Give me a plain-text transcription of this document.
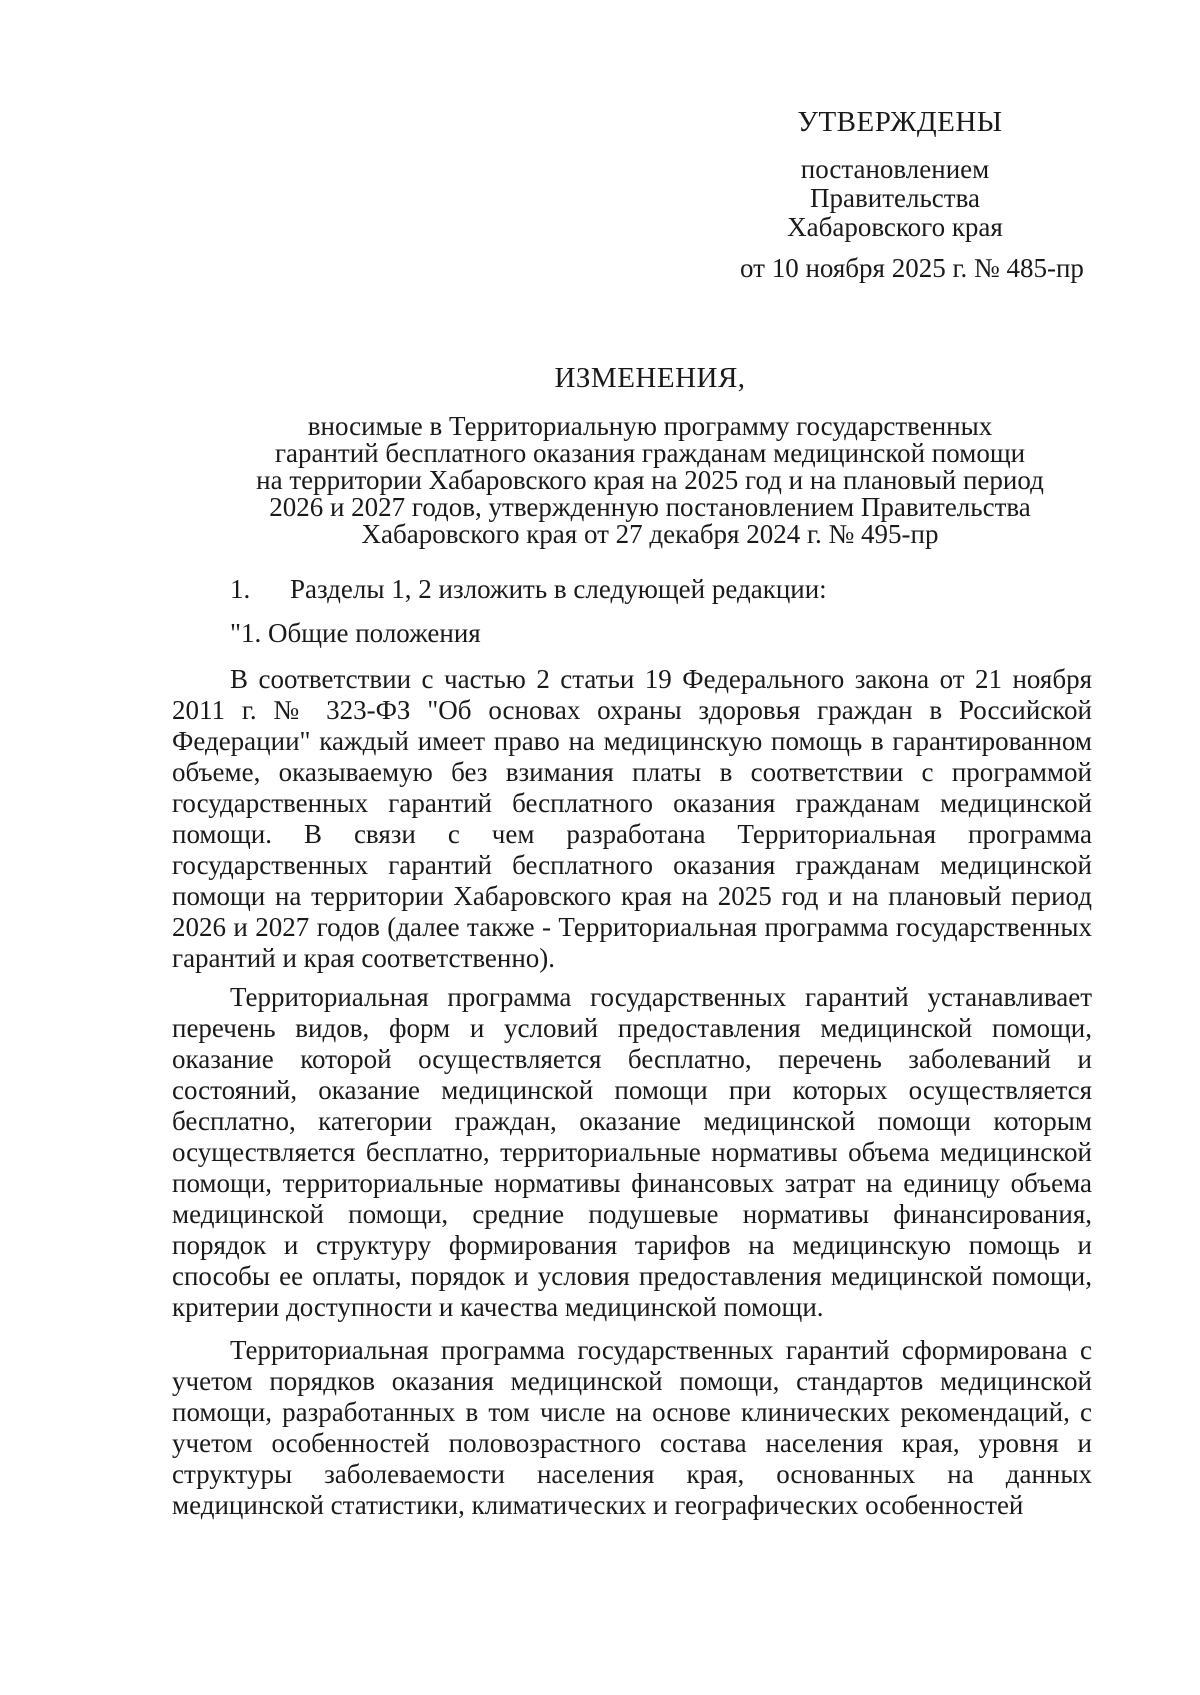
УТВЕРЖДЕНЫ
постановлением
Правительства
Хабаровского края
от 10 ноября 2025 г. № 485-пр
ИЗМЕНЕНИЯ,
вносимые в Территориальную программу государственных
гарантий бесплатного оказания гражданам медицинской помощи
на территории Хабаровского края на 2025 год и на плановый период
2026 и 2027 годов, утвержденную постановлением Правительства
Хабаровского края от 27 декабря 2024 г. № 495-пр
1.	Разделы 1, 2 изложить в следующей редакции:
"1. Общие положения

В соответствии с частью 2 статьи 19 Федерального закона от 21 ноября 2011 г. № 323-ФЗ "Об основах охраны здоровья граждан в Российской Федерации" каждый имеет право на медицинскую помощь в гарантированном объеме, оказываемую без взимания платы в соответствии с программой государственных гарантий бесплатного оказания гражданам медицинской помощи. В связи с чем разработана Территориальная программа государственных гарантий бесплатного оказания гражданам медицинской помощи на территории Хабаровского края на 2025 год и на плановый период 2026 и 2027 годов (далее также - Территориальная программа государственных гарантий и края соответственно).

Территориальная программа государственных гарантий устанавливает перечень видов, форм и условий предоставления медицинской помощи, оказание которой осуществляется бесплатно, перечень заболеваний и состояний, оказание медицинской помощи при которых осуществляется бесплатно, категории граждан, оказание медицинской помощи которым осуществляется бесплатно, территориальные нормативы объема медицинской помощи, территориальные нормативы финансовых затрат на единицу объема медицинской помощи, средние подушевые нормативы финансирования, порядок и структуру формирования тарифов на медицинскую помощь и способы ее оплаты, порядок и условия предоставления медицинской помощи, критерии доступности и качества медицинской помощи.

Территориальная программа государственных гарантий сформирована с учетом порядков оказания медицинской помощи, стандартов медицинской помощи, разработанных в том числе на основе клинических рекомендаций, с учетом особенностей половозрастного состава населения края, уровня и структуры заболеваемости населения края, основанных на данных медицинской статистики, климатических и географических особенностей
